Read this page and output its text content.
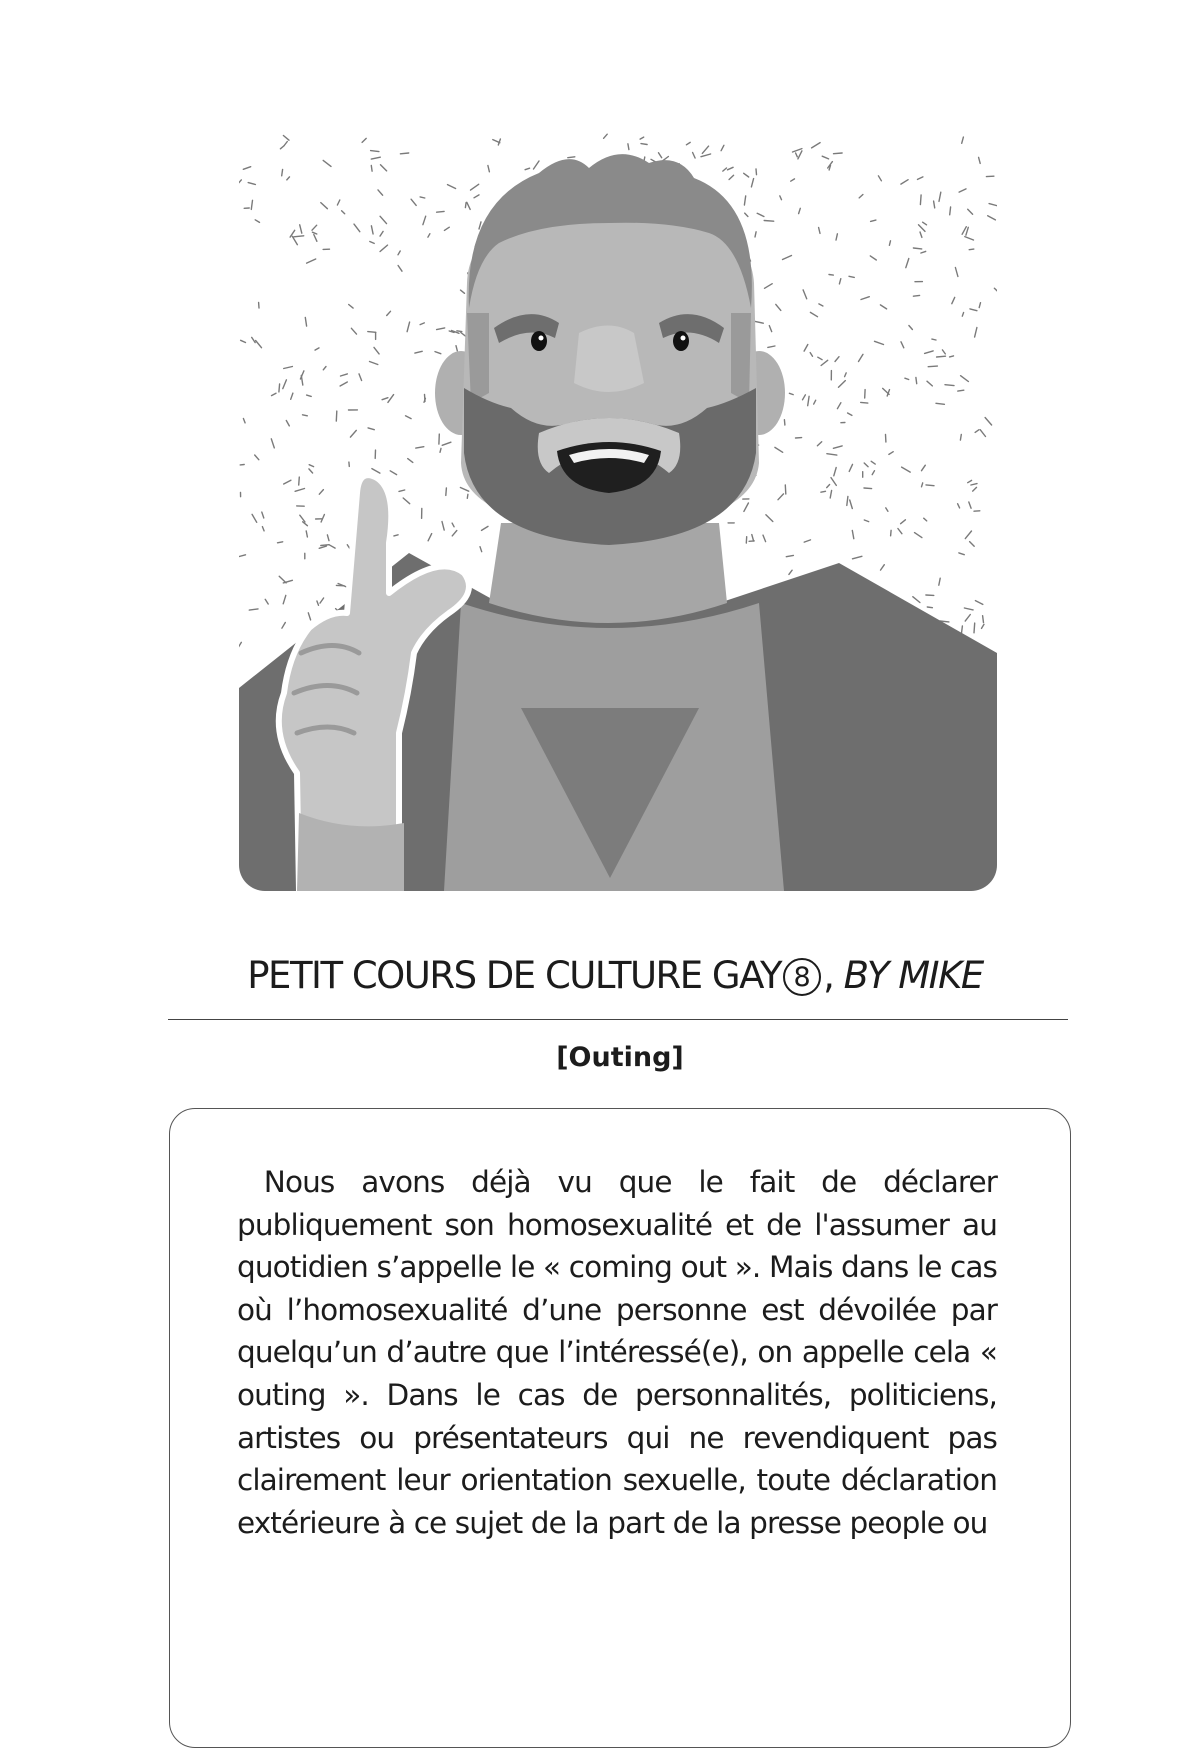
PETIT COURS DE CULTURE GAY 8 , BY MIKE
[Outing]

Nous avons déjà vu que le fait de déclarer publiquement son homosexualité et de l'assumer au quotidien s’appelle le « coming out ». Mais dans le cas où l’homosexualité d’une personne est dévoilée par quelqu’un d’autre que l’intéressé(e), on appelle cela « outing ». Dans le cas de personnalités, politiciens, artistes ou présentateurs qui ne revendiquent pas clairement leur orientation sexuelle, toute déclaration extérieure à ce sujet de la part de la presse people ou
